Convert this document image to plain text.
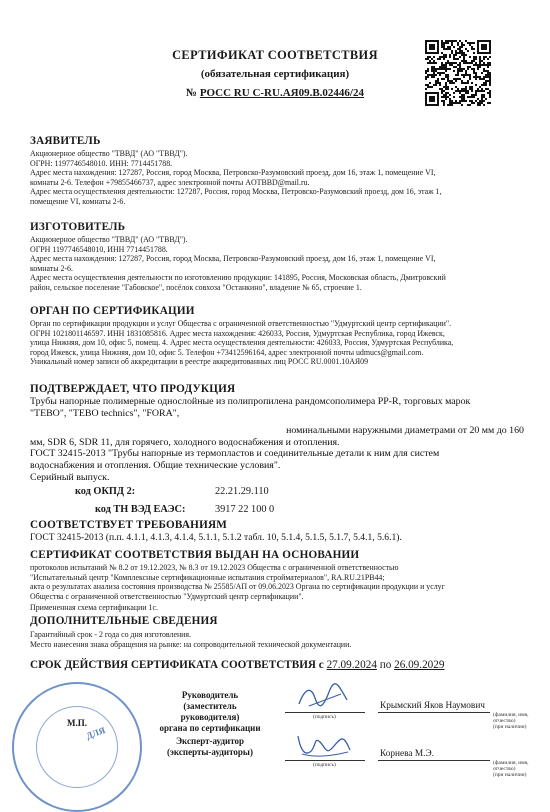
СЕРТИФИКАТ СООТВЕТСТВИЯ
(обязательная сертификация)
№ РОСС RU С-RU.АЯ09.В.02446/24
ЗАЯВИТЕЛЬ
Акционерное общество "ТВВД" (АО "ТВВД").
ОГРН: 1197746548010. ИНН: 7714451788.
Адрес места нахождения: 127287, Россия, город Москва, Петровско-Разумовский проезд, дом 16, этаж 1, помещение VI,
комнаты 2-6. Телефон +79855466737, адрес электронной почты AOTBBD@mail.ru.
Адрес места осуществления деятельности: 127287, Россия, город Москва, Петровско-Разумовский проезд, дом 16, этаж 1,
помещение VI, комнаты 2-6.
ИЗГОТОВИТЕЛЬ
Акционерное общество "ТВВД" (АО "ТВВД").
ОГРН 1197746548010, ИНН 7714451788.
Адрес места нахождения: 127287, Россия, город Москва, Петровско-Разумовский проезд, дом 16, этаж 1, помещение VI,
комнаты 2-6.
Адрес места осуществления деятельности по изготовлению продукции: 141895, Россия, Московская область, Дмитровский
район, сельское поселение "Габовское", посёлок совхоза "Останкино", владение № 65, строение 1.
ОРГАН ПО СЕРТИФИКАЦИИ
Орган по сертификации продукции и услуг Общества с ограниченной ответственностью "Удмуртский центр сертификации".
ОГРН 1021801146597. ИНН 1831085816. Адрес места нахождения: 426033, Россия, Удмуртская Республика, город Ижевск,
улица Нижняя, дом 10, офис 5, помещ. 4. Адрес места осуществления деятельности: 426033, Россия, Удмуртская Республика,
город Ижевск, улица Нижняя, дом 10, офис 5. Телефон +73412596164, адрес электронной почты udmucs@gmail.com.
Уникальный номер записи об аккредитации в реестре аккредитованных лиц РОСС RU.0001.10АЯ09
ПОДТВЕРЖДАЕТ, ЧТО ПРОДУКЦИЯ
Трубы напорные полимерные однослойные из полипропилена рандомсополимера PP-R, торговых марок
"TEBO", "TEBO technics", "FORA",
номинальными наружными диаметрами от 20 мм до 160
мм, SDR 6, SDR 11, для горячего, холодного водоснабжения и отопления.
ГОСТ 32415-2013 "Трубы напорные из термопластов и соединительные детали к ним для систем
водоснабжения и отопления. Общие технические условия".
Серийный выпуск.
код ОКПД 2:	22.21.29.110
код ТН ВЭД ЕАЭС:	3917 22 100 0
СООТВЕТСТВУЕТ ТРЕБОВАНИЯМ
ГОСТ 32415-2013 (п.п. 4.1.1, 4.1.3, 4.1.4, 5.1.1, 5.1.2 табл. 10, 5.1.4, 5.1.5, 5.1.7, 5.4.1, 5.6.1).
СЕРТИФИКАТ СООТВЕТСТВИЯ ВЫДАН НА ОСНОВАНИИ
протоколов испытаний № 8.2 от 19.12.2023, № 8.3 от 19.12.2023 Общества с ограниченной ответственностью
"Испытательный центр "Комплексные сертификационные испытания стройматериалов", RA.RU.21PB44;
акта о результатах анализа состояния производства № 25585/АП от 09.06.2023 Органа по сертификации продукции и услуг
Общества с ограниченной ответственностью "Удмуртский центр сертификации".
Примененная схема сертификации 1с.
ДОПОЛНИТЕЛЬНЫЕ СВЕДЕНИЯ
Гарантийный срок - 2 года со дня изготовления.
Место нанесения знака обращения на рынке: на сопроводительной технической документации.
СРОК ДЕЙСТВИЯ СЕРТИФИКАТА СООТВЕТСТВИЯ с 27.09.2024 по 26.09.2029
ДЛЯ
Руководитель
(заместитель руководителя)
органа по сертификации
М.П.
Эксперт-аудитор
(эксперты-аудиторы)
(подпись)
Крымский Яков Наумович
(фамилия, имя, отчество)
(при наличии)
(подпись)
Корнева М.Э.
(фамилия, имя, отчество)
(при наличии)
